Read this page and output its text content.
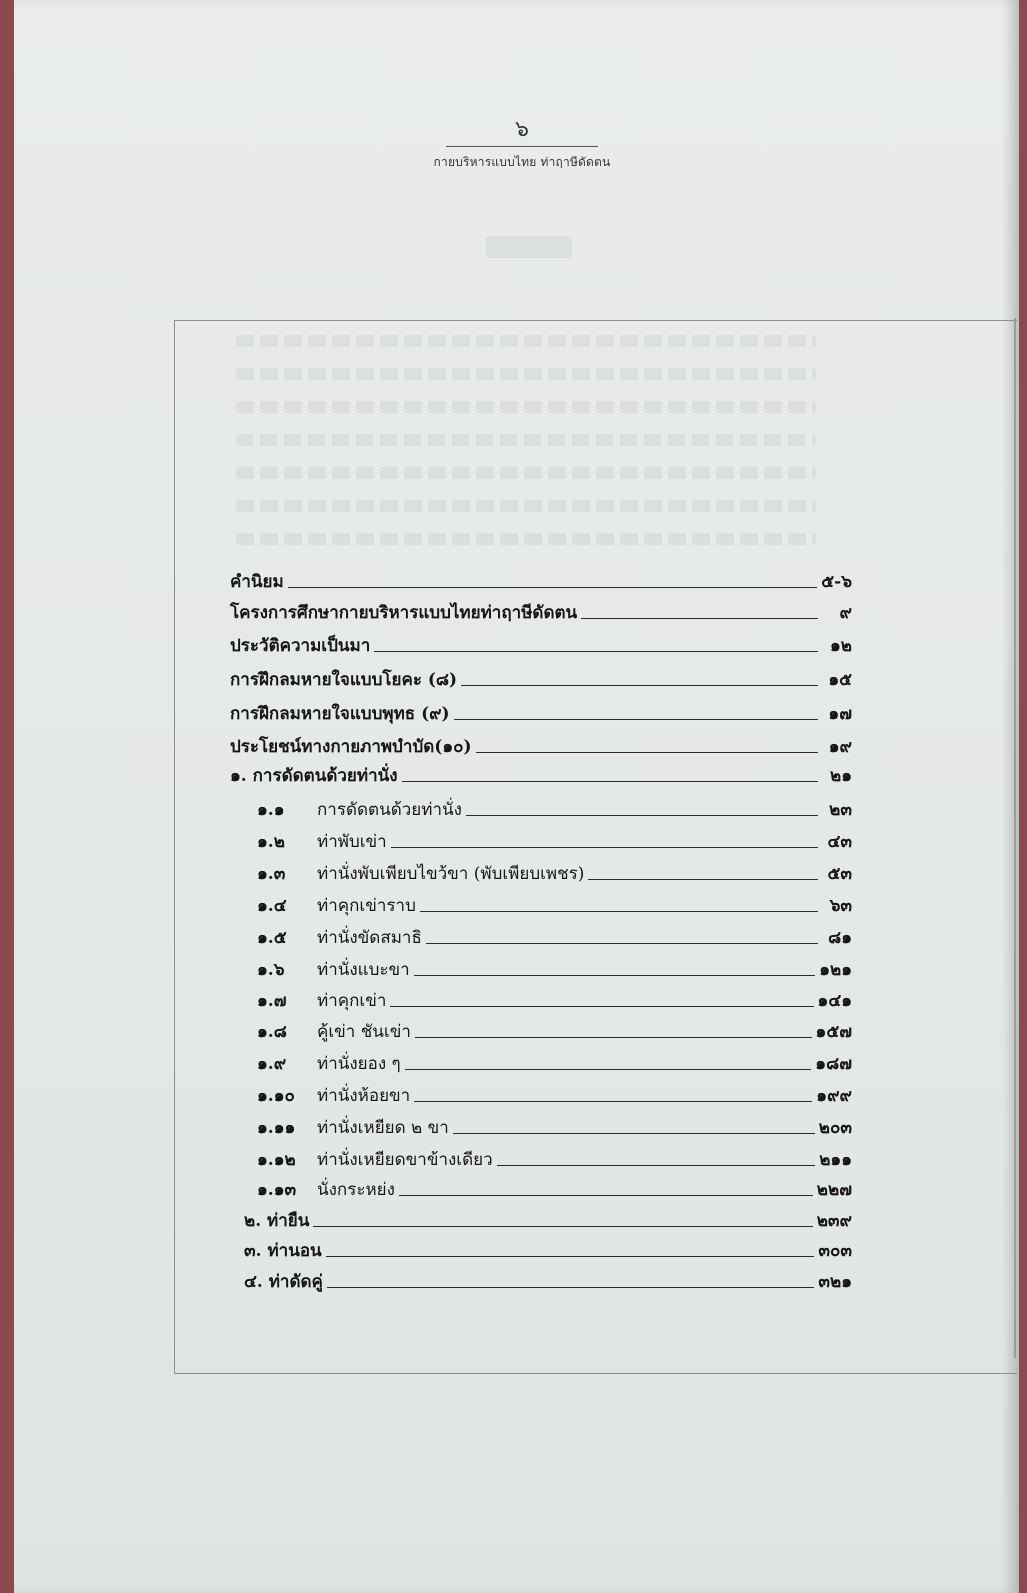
๖
กายบริหารแบบไทย ท่าฤาษีดัดตน
คำนิยม	๕-๖
โครงการศึกษากายบริหารแบบไทยท่าฤาษีดัดตน	๙
ประวัติความเป็นมา	๑๒
การฝึกลมหายใจแบบโยคะ (๘)	๑๕
การฝึกลมหายใจแบบพุทธ (๙)	๑๗
ประโยชน์ทางกายภาพบำบัด(๑๐)	๑๙
๑. การดัดตนด้วยท่านั่ง	๒๑
๑.๑	การดัดตนด้วยท่านั่ง	๒๓
๑.๒	ท่าพับเข่า	๔๓
๑.๓	ท่านั่งพับเพียบไขว้ขา (พับเพียบเพชร)	๕๓
๑.๔	ท่าคุกเข่าราบ	๖๓
๑.๕	ท่านั่งขัดสมาธิ	๘๑
๑.๖	ท่านั่งแบะขา	๑๒๑
๑.๗	ท่าคุกเข่า	๑๔๑
๑.๘	คู้เข่า ชันเข่า	๑๕๗
๑.๙	ท่านั่งยอง ๆ	๑๘๗
๑.๑๐	ท่านั่งห้อยขา	๑๙๙
๑.๑๑	ท่านั่งเหยียด ๒ ขา	๒๐๓
๑.๑๒	ท่านั่งเหยียดขาข้างเดียว	๒๑๑
๑.๑๓	นั่งกระหย่ง	๒๒๗
๒. ท่ายืน	๒๓๙
๓. ท่านอน	๓๐๓
๔. ท่าดัดคู่	๓๒๑
